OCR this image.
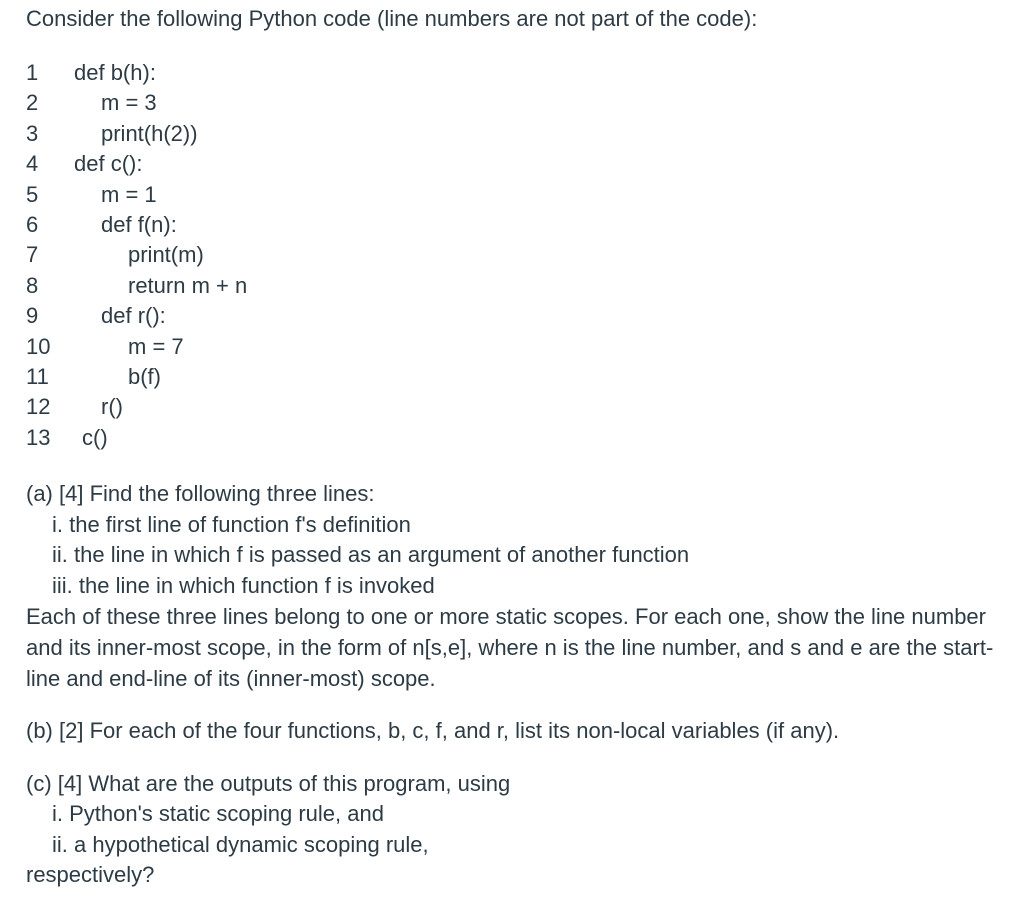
Consider the following Python code (line numbers are not part of the code):
1	def b(h):
2	m = 3
3	print(h(2))
4	def c():
5	m = 1
6	def f(n):
7	print(m)
8	return m + n
9	def r():
10	m = 7
11	b(f)
12	r()
13	c()
(a) [4] Find the following three lines:
i. the first line of function f's definition
ii. the line in which f is passed as an argument of another function
iii. the line in which function f is invoked
Each of these three lines belong to one or more static scopes. For each one, show the line number and its inner-most scope, in the form of n[s,e], where n is the line number, and s and e are the start-line and end-line of its (inner-most) scope.
(b) [2] For each of the four functions, b, c, f, and r, list its non-local variables (if any).
(c) [4] What are the outputs of this program, using
i. Python's static scoping rule, and
ii. a hypothetical dynamic scoping rule,
respectively?
